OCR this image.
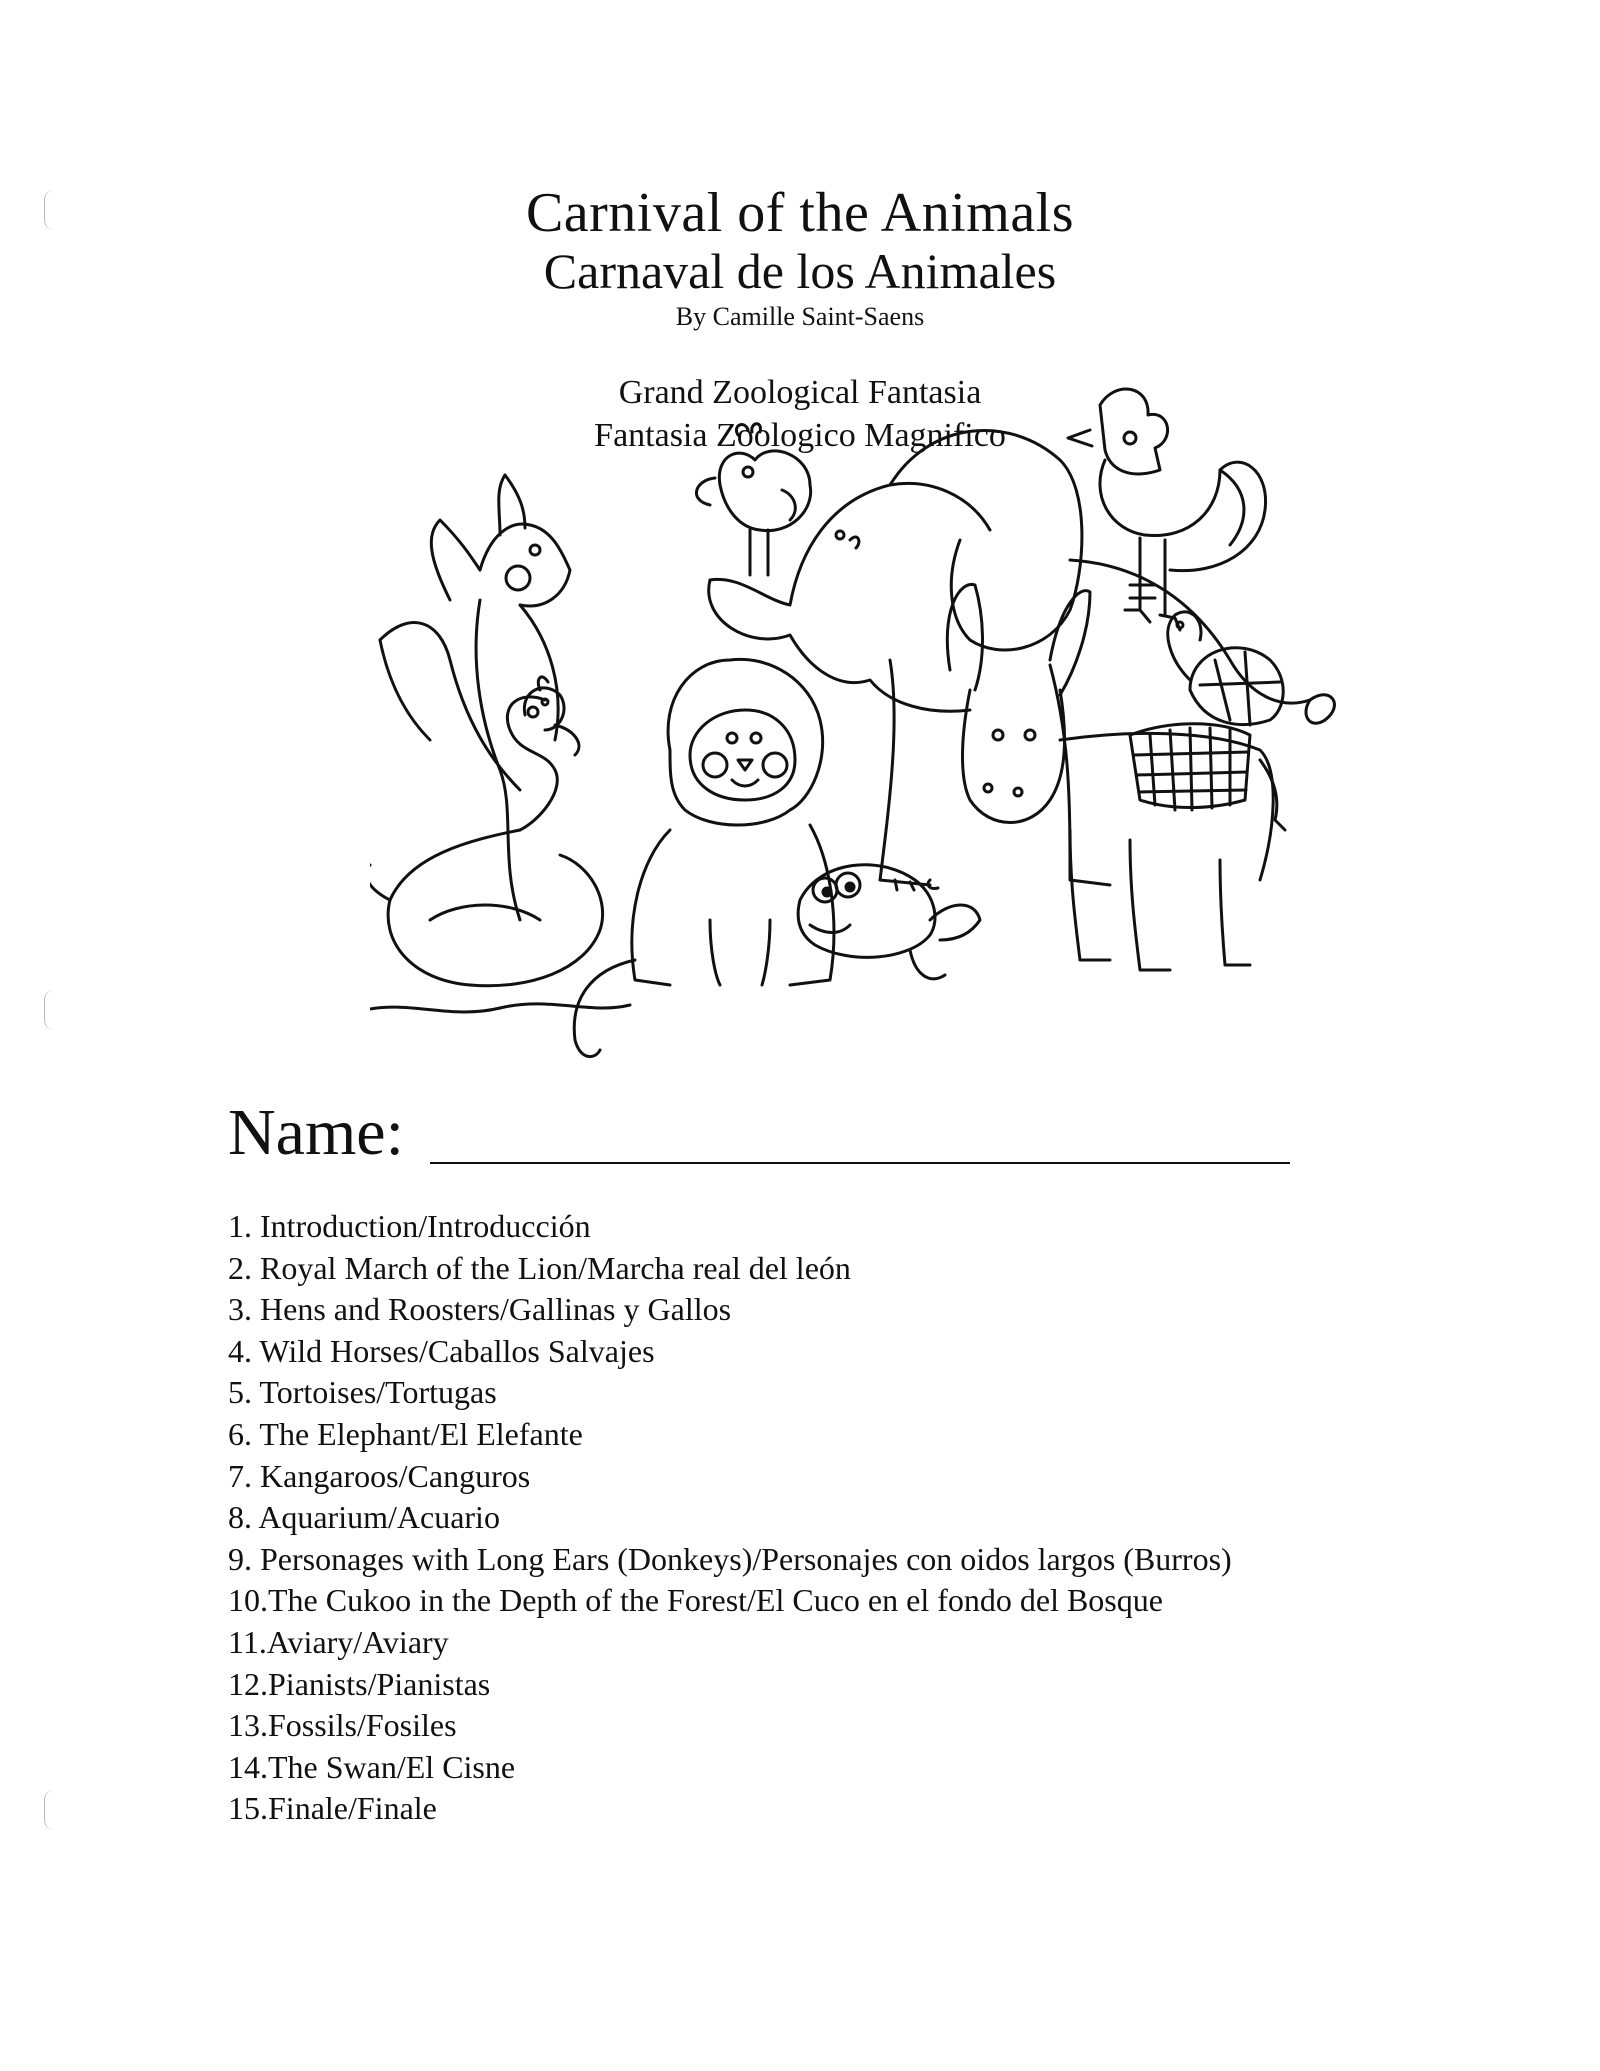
Carnival of the Animals
Carnaval de los Animales
By Camille Saint-Saens
Grand Zoological Fantasia
Fantasia Zoologico Magnifico
Name:
1. Introduction/Introducción
2. Royal March of the Lion/Marcha real del león
3. Hens and Roosters/Gallinas y Gallos
4. Wild Horses/Caballos Salvajes
5. Tortoises/Tortugas
6. The Elephant/El Elefante
7. Kangaroos/Canguros
8. Aquarium/Acuario
9. Personages with Long Ears (Donkeys)/Personajes con oidos largos (Burros)
10.The Cukoo in the Depth of the Forest/El Cuco en el fondo del Bosque
11.Aviary/Aviary
12.Pianists/Pianistas
13.Fossils/Fosiles
14.The Swan/El Cisne
15.Finale/Finale
